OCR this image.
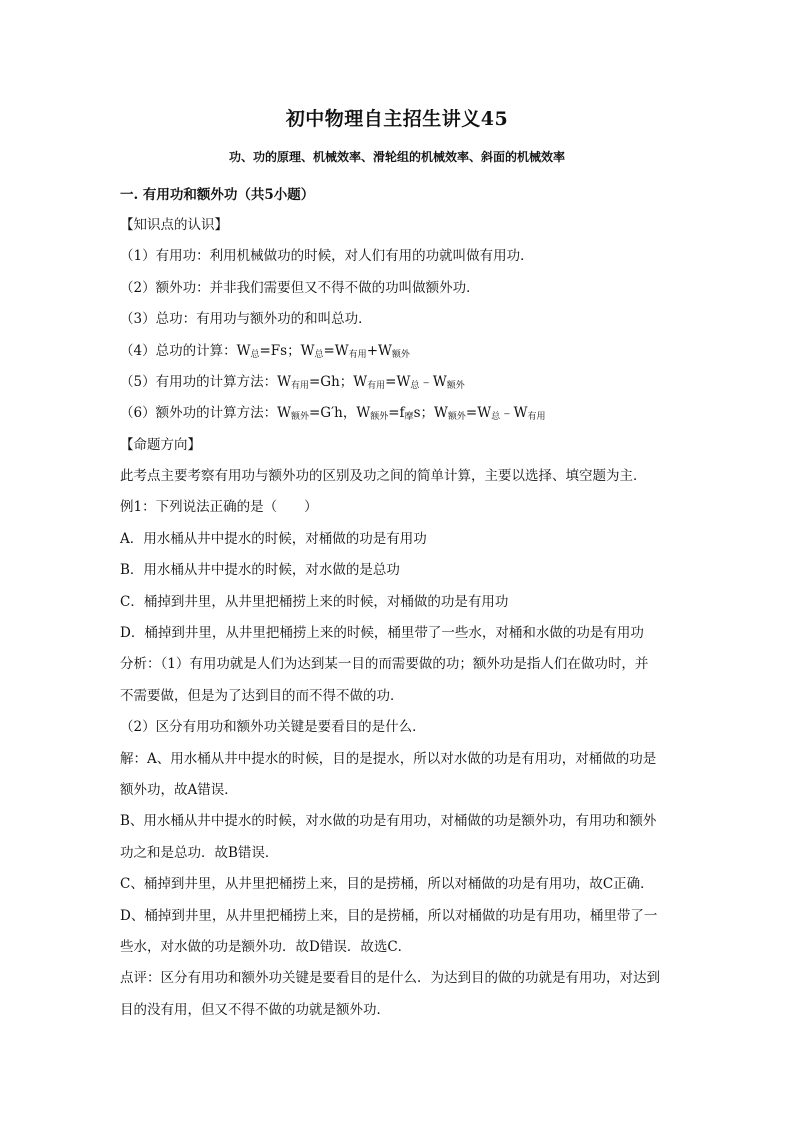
初中物理自主招生讲义45
功、功的原理、机械效率、滑轮组的机械效率、斜面的机械效率
一. 有用功和额外功（共5小题）
【知识点的认识】
（1）有用功：利用机械做功的时候，对人们有用的功就叫做有用功．
（2）额外功：并非我们需要但又不得不做的功叫做额外功．
（3）总功：有用功与额外功的和叫总功．
（4）总功的计算：$W_总=Fs$；$W_总=W_{有用}+W_{额外}$
（5）有用功的计算方法：$W_{有用}=Gh$；$W_{有用}=W_总﹣W_{额外}$
（6）额外功的计算方法：$W_{额外}=G'h$，$W_{额外}=f_摩s$；$W_{额外}=W_总﹣W_{有用}$
【命题方向】
此考点主要考察有用功与额外功的区别及功之间的简单计算，主要以选择、填空题为主．
例1：下列说法正确的是（　　）
A．用水桶从井中提水的时候，对桶做的功是有用功
B．用水桶从井中提水的时候，对水做的是总功
C．桶掉到井里，从井里把桶捞上来的时候，对桶做的功是有用功
D．桶掉到井里，从井里把桶捞上来的时候，桶里带了一些水，对桶和水做的功是有用功
分析：（1）有用功就是人们为达到某一目的而需要做的功；额外功是指人们在做功时，并
不需要做，但是为了达到目的而不得不做的功．
（2）区分有用功和额外功关键是要看目的是什么．
解：A、用水桶从井中提水的时候，目的是提水，所以对水做的功是有用功，对桶做的功是
额外功，故A错误．
B、用水桶从井中提水的时候，对水做的功是有用功，对桶做的功是额外功，有用功和额外
功之和是总功．故B错误．
C、桶掉到井里，从井里把桶捞上来，目的是捞桶，所以对桶做的功是有用功，故C正确．
D、桶掉到井里，从井里把桶捞上来，目的是捞桶，所以对桶做的功是有用功，桶里带了一
些水，对水做的功是额外功．故D错误．故选C．
点评：区分有用功和额外功关键是要看目的是什么．为达到目的做的功就是有用功，对达到
目的没有用，但又不得不做的功就是额外功．
